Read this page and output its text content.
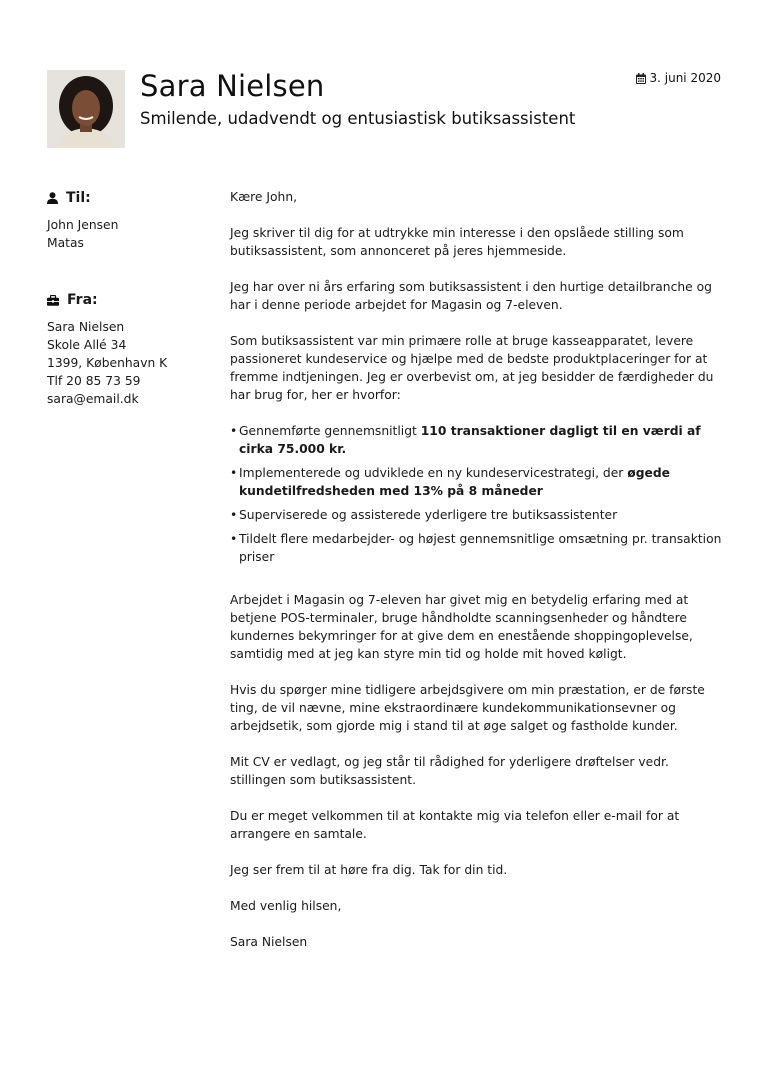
Sara Nielsen
Smilende, udadvendt og entusiastisk butiksassistent
3. juni 2020
Til:
John Jensen
Matas
Fra:
Sara Nielsen
Skole Allé 34
1399, København K
Tlf 20 85 73 59
sara@email.dk

Kære John,

Jeg skriver til dig for at udtrykke min interesse i den opslåede stilling som butiksassistent, som annonceret på jeres hjemmeside.

Jeg har over ni års erfaring som butiksassistent i den hurtige detailbranche og har i denne periode arbejdet for Magasin og 7-eleven.

Som butiksassistent var min primære rolle at bruge kasseapparatet, levere passioneret kundeservice og hjælpe med de bedste produktplaceringer for at fremme indtjeningen. Jeg er overbevist om, at jeg besidder de færdigheder du har brug for, her er hvorfor:

• Gennemførte gennemsnitligt 110 transaktioner dagligt til en værdi af cirka 75.000 kr.
• Implementerede og udviklede en ny kundeservicestrategi, der øgede kundetilfredsheden med 13% på 8 måneder
• Superviserede og assisterede yderligere tre butiksassistenter
• Tildelt flere medarbejder- og højest gennemsnitlige omsætning pr. transaktion priser

Arbejdet i Magasin og 7-eleven har givet mig en betydelig erfaring med at betjene POS-terminaler, bruge håndholdte scanningsenheder og håndtere kundernes bekymringer for at give dem en enestående shoppingoplevelse, samtidig med at jeg kan styre min tid og holde mit hoved køligt.

Hvis du spørger mine tidligere arbejdsgivere om min præstation, er de første ting, de vil nævne, mine ekstraordinære kundekommunikationsevner og arbejdsetik, som gjorde mig i stand til at øge salget og fastholde kunder.

Mit CV er vedlagt, og jeg står til rådighed for yderligere drøftelser vedr. stillingen som butiksassistent.

Du er meget velkommen til at kontakte mig via telefon eller e-mail for at arrangere en samtale.

Jeg ser frem til at høre fra dig. Tak for din tid.

Med venlig hilsen,

Sara Nielsen
